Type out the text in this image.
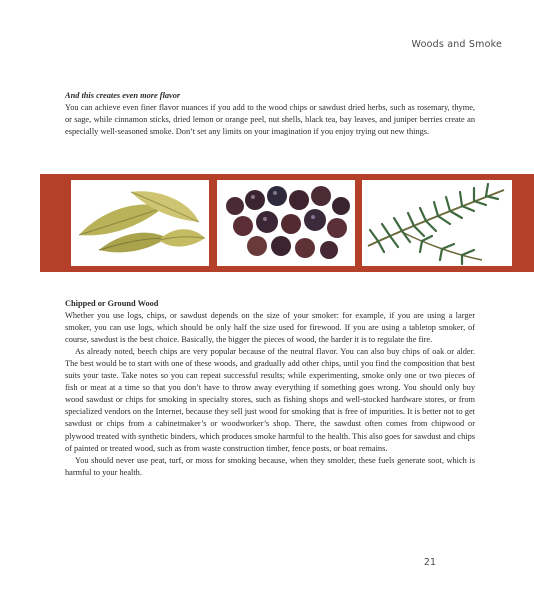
Woods and Smoke
And this creates even more flavor

You can achieve even finer flavor nuances if you add to the wood chips or sawdust dried herbs, such as rosemary, thyme, or sage, while cinnamon sticks, dried lemon or orange peel, nut shells, black tea, bay leaves, and juniper berries create an especially well-seasoned smoke. Don’t set any limits on your imagination if you enjoy trying out new things.

Chipped or Ground Wood

Whether you use logs, chips, or sawdust depends on the size of your smoker: for example, if you are using a larger smoker, you can use logs, which should be only half the size used for firewood. If you are using a tabletop smoker, of course, sawdust is the best choice. Basically, the bigger the pieces of wood, the harder it is to regulate the fire.

As already noted, beech chips are very popular because of the neutral flavor. You can also buy chips of oak or alder. The best would be to start with one of these woods, and gradually add other chips, until you find the composition that best suits your taste. Take notes so you can repeat successful results; while experimenting, smoke only one or two pieces of fish or meat at a time so that you don’t have to throw away everything if something goes wrong. You should only buy wood sawdust or chips for smoking in specialty stores, such as fishing shops and well-stocked hardware stores, or from specialized vendors on the Internet, because they sell just wood for smoking that is free of impurities. It is better not to get sawdust or chips from a cabinetmaker’s or woodworker’s shop. There, the sawdust often comes from chipwood or plywood treated with synthetic binders, which produces smoke harmful to the health. This also goes for sawdust and chips of painted or treated wood, such as from waste construction timber, fence posts, or boat remains.

You should never use peat, turf, or moss for smoking because, when they smolder, these fuels generate soot, which is harmful to your health.

21
